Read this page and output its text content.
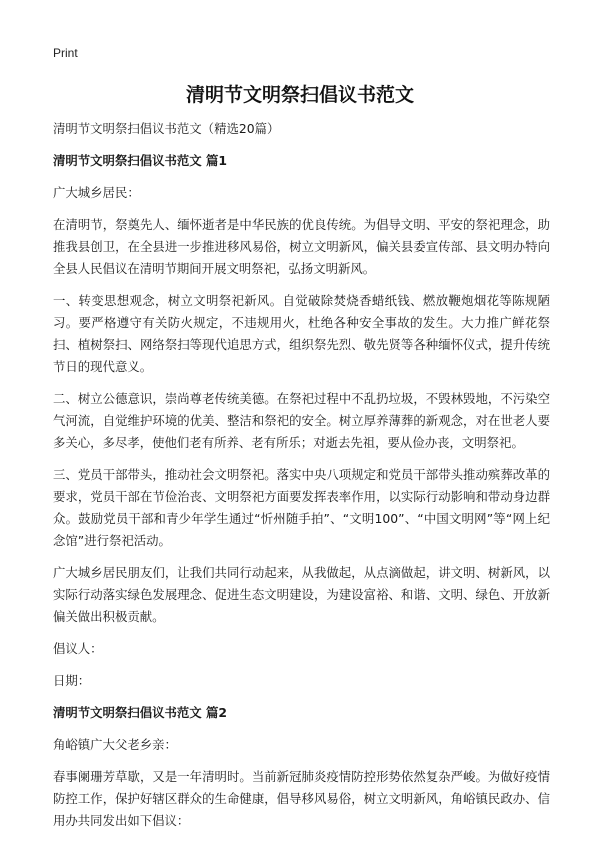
Print
清明节文明祭扫倡议书范文

清明节文明祭扫倡议书范文（精选20篇）

清明节文明祭扫倡议书范文 篇1

广大城乡居民：

在清明节，祭奠先人、缅怀逝者是中华民族的优良传统。为倡导文明、平安的祭祀理念，助推我县创卫，在全县进一步推进移风易俗，树立文明新风，偏关县委宣传部、县文明办特向全县人民倡议在清明节期间开展文明祭祀，弘扬文明新风。

一、转变思想观念，树立文明祭祀新风。自觉破除焚烧香蜡纸钱、燃放鞭炮烟花等陈规陋习。要严格遵守有关防火规定，不违规用火，杜绝各种安全事故的发生。大力推广鲜花祭扫、植树祭扫、网络祭扫等现代追思方式，组织祭先烈、敬先贤等各种缅怀仪式，提升传统节日的现代意义。

二、树立公德意识，崇尚尊老传统美德。在祭祀过程中不乱扔垃圾，不毁林毁地，不污染空气河流，自觉维护环境的优美、整洁和祭祀的安全。树立厚养薄葬的新观念，对在世老人要多关心，多尽孝，使他们老有所养、老有所乐；对逝去先祖，要从俭办丧，文明祭祀。

三、党员干部带头，推动社会文明祭祀。落实中央八项规定和党员干部带头推动殡葬改革的要求，党员干部在节俭治丧、文明祭祀方面要发挥表率作用，以实际行动影响和带动身边群众。鼓励党员干部和青少年学生通过“忻州随手拍”、“文明100”、“中国文明网”等“网上纪念馆”进行祭祀活动。

广大城乡居民朋友们，让我们共同行动起来，从我做起，从点滴做起，讲文明、树新风，以实际行动落实绿色发展理念、促进生态文明建设，为建设富裕、和谐、文明、绿色、开放新偏关做出积极贡献。

倡议人：

日期：

清明节文明祭扫倡议书范文 篇2

角峪镇广大父老乡亲：

春事阑珊芳草歇，又是一年清明时。当前新冠肺炎疫情防控形势依然复杂严峻。为做好疫情防控工作，保护好辖区群众的生命健康，倡导移风易俗，树立文明新风，角峪镇民政办、信用办共同发出如下倡议：
